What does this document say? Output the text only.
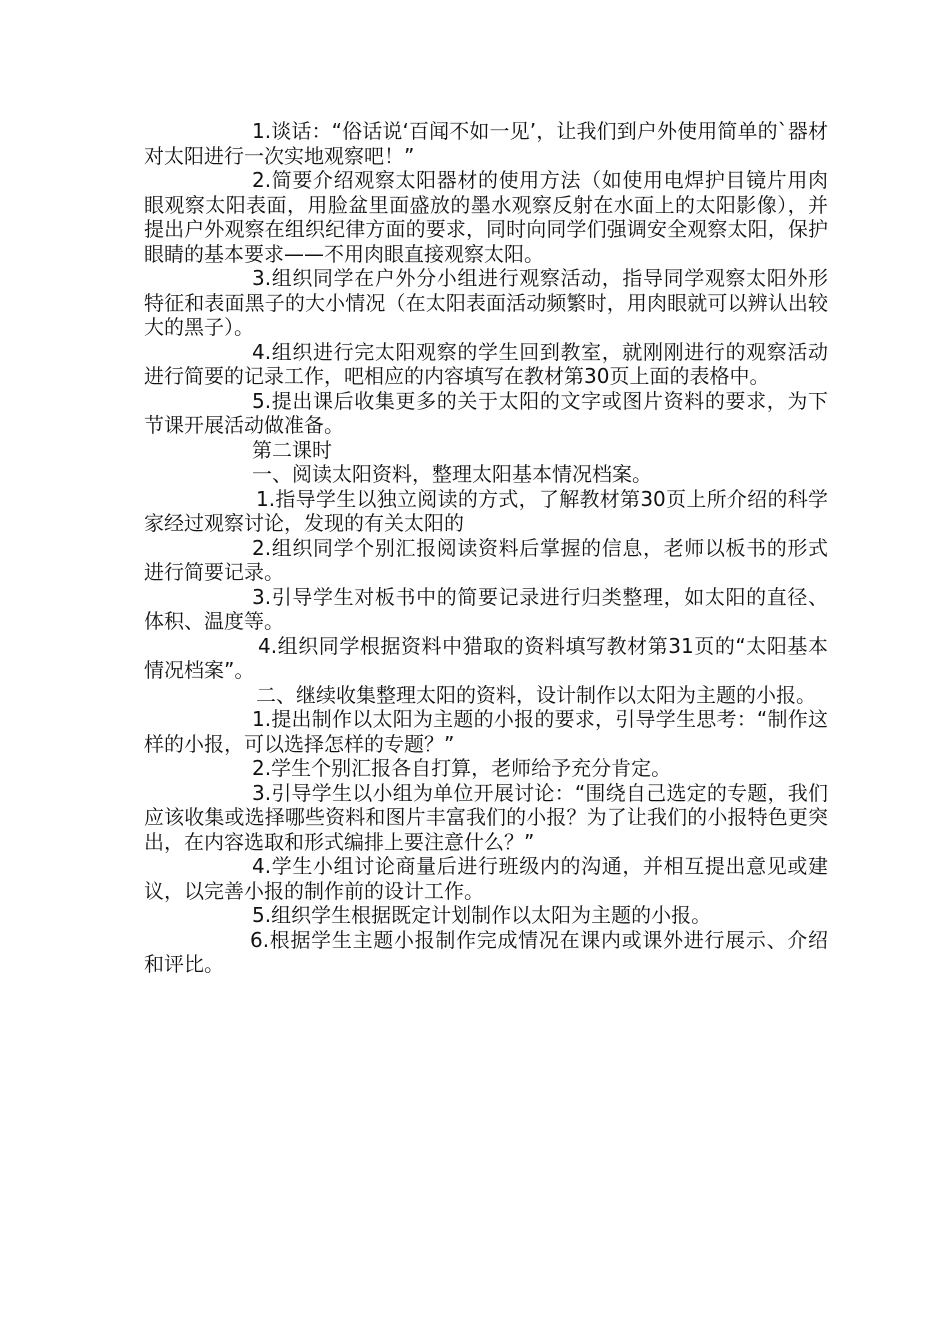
1.谈话：“俗话说‘百闻不如一见’，让我们到户外使用简单的`器材对太阳进行一次实地观察吧！”

2.简要介绍观察太阳器材的使用方法（如使用电焊护目镜片用肉眼观察太阳表面，用脸盆里面盛放的墨水观察反射在水面上的太阳影像），并提出户外观察在组织纪律方面的要求，同时向同学们强调安全观察太阳，保护眼睛的基本要求——不用肉眼直接观察太阳。

3.组织同学在户外分小组进行观察活动，指导同学观察太阳外形特征和表面黑子的大小情况（在太阳表面活动频繁时，用肉眼就可以辨认出较大的黑子）。

4.组织进行完太阳观察的学生回到教室，就刚刚进行的观察活动进行简要的记录工作，吧相应的内容填写在教材第30页上面的表格中。

5.提出课后收集更多的关于太阳的文字或图片资料的要求，为下节课开展活动做准备。

第二课时

一、阅读太阳资料，整理太阳基本情况档案。

1.指导学生以独立阅读的方式，了解教材第30页上所介绍的科学家经过观察讨论，发现的有关太阳的

2.组织同学个别汇报阅读资料后掌握的信息，老师以板书的形式进行简要记录。

3.引导学生对板书中的简要记录进行归类整理，如太阳的直径、体积、温度等。

4.组织同学根据资料中猎取的资料填写教材第31页的“太阳基本情况档案”。

二、继续收集整理太阳的资料，设计制作以太阳为主题的小报。

1.提出制作以太阳为主题的小报的要求，引导学生思考：“制作这样的小报，可以选择怎样的专题？”

2.学生个别汇报各自打算，老师给予充分肯定。

3.引导学生以小组为单位开展讨论：“围绕自己选定的专题，我们应该收集或选择哪些资料和图片丰富我们的小报？为了让我们的小报特色更突出，在内容选取和形式编排上要注意什么？”

4.学生小组讨论商量后进行班级内的沟通，并相互提出意见或建议，以完善小报的制作前的设计工作。

5.组织学生根据既定计划制作以太阳为主题的小报。

6.根据学生主题小报制作完成情况在课内或课外进行展示、介绍和评比。
